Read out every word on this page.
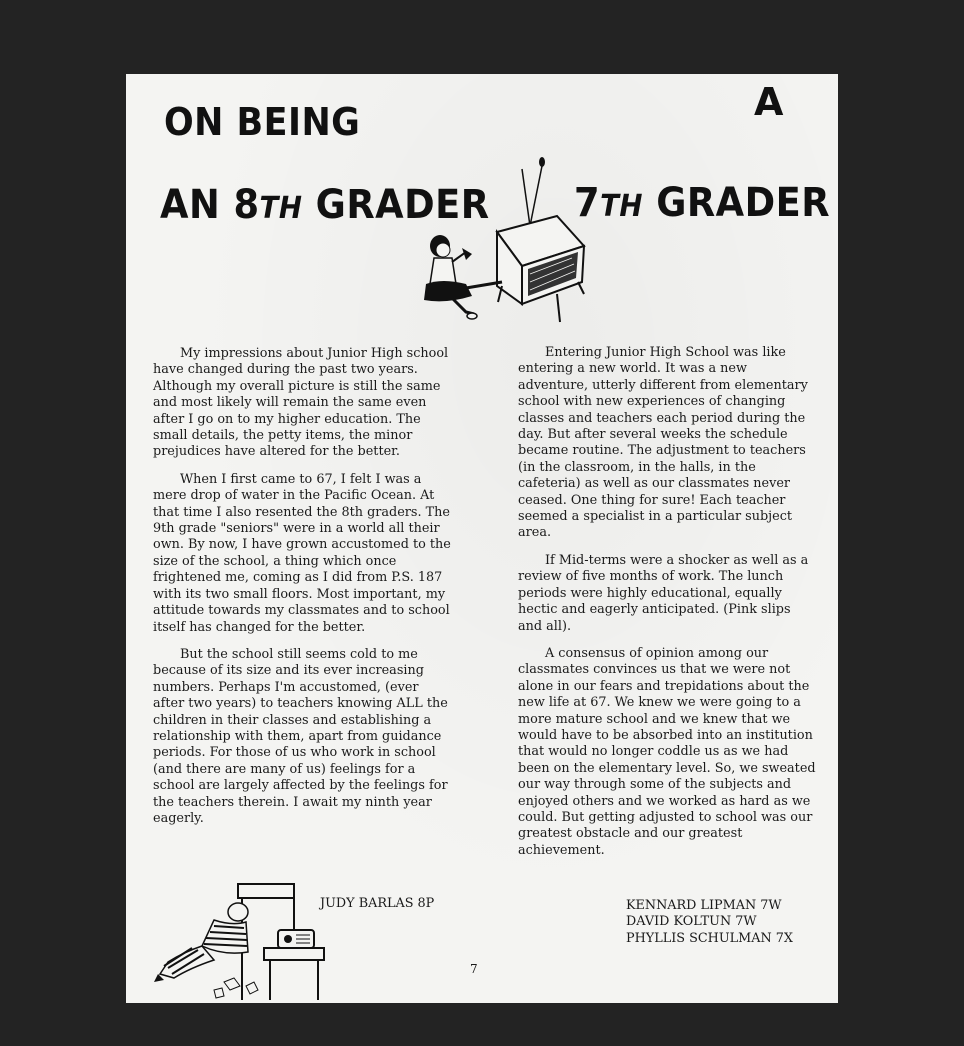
ON BEING	A
AN 8TH GRADER 7TH GRADER

My impressions about Junior High school have changed during the past two years. Although my overall picture is still the same and most likely will remain the same even after I go on to my higher education. The small details, the petty items, the minor prejudices have altered for the better.

When I first came to 67, I felt I was a mere drop of water in the Pacific Ocean. At that time I also resented the 8th graders. The 9th grade "seniors" were in a world all their own. By now, I have grown accustomed to the size of the school, a thing which once frightened me, coming as I did from P.S. 187 with its two small floors. Most important, my attitude towards my classmates and to school itself has changed for the better.

But the school still seems cold to me because of its size and its ever increasing numbers. Perhaps I'm accustomed, (ever after two years) to teachers knowing ALL the children in their classes and establishing a relationship with them, apart from guidance periods. For those of us who work in school (and there are many of us) feelings for a school are largely affected by the feelings for the teachers therein. I await my ninth year eagerly.

Entering Junior High School was like entering a new world. It was a new adventure, utterly different from elementary school with new experiences of changing classes and teachers each period during the day. But after several weeks the schedule became routine. The adjustment to teachers (in the classroom, in the halls, in the cafeteria) as well as our classmates never ceased. One thing for sure! Each teacher seemed a specialist in a particular subject area.

If Mid-terms were a shocker as well as a review of five months of work. The lunch periods were highly educational, equally hectic and eagerly anticipated. (Pink slips and all).

A consensus of opinion among our classmates convinces us that we were not alone in our fears and trepidations about the new life at 67. We knew we were going to a more mature school and we knew that we would have to be absorbed into an institution that would no longer coddle us as we had been on the elementary level. So, we sweated our way through some of the subjects and enjoyed others and we worked as hard as we could. But getting adjusted to school was our greatest obstacle and our greatest achievement.

JUDY BARLAS 8P	KENNARD LIPMAN 7W
DAVID KOLTUN 7W
PHYLLIS SCHULMAN 7X
7
